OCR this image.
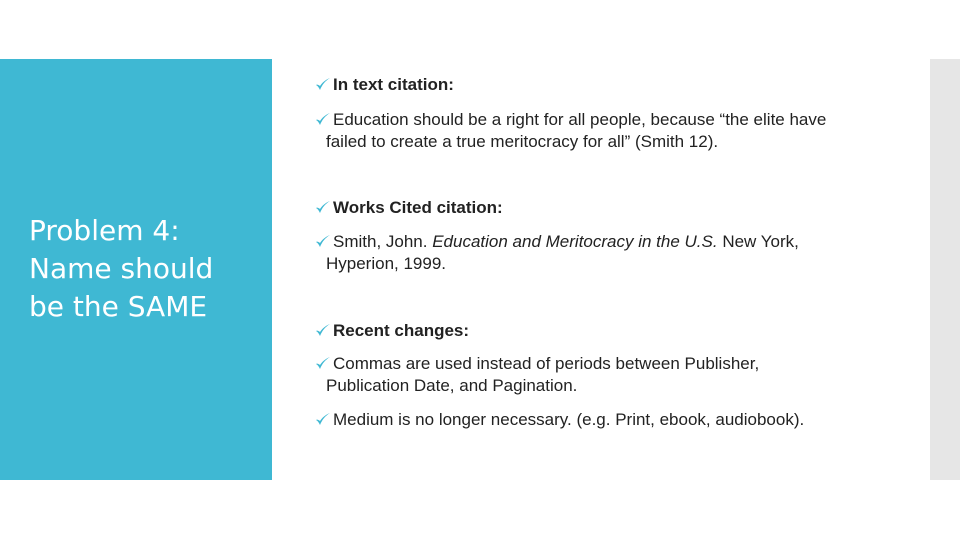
Problem 4:
Name should
be the SAME
In text citation:
Education should be a right for all people, because “the elite have
failed to create a true meritocracy for all” (Smith 12).
Works Cited citation:
Smith, John. Education and Meritocracy in the U.S. New York,
Hyperion, 1999.
Recent changes:
Commas are used instead of periods between Publisher,
Publication Date, and Pagination.
Medium is no longer necessary. (e.g. Print, ebook, audiobook).
